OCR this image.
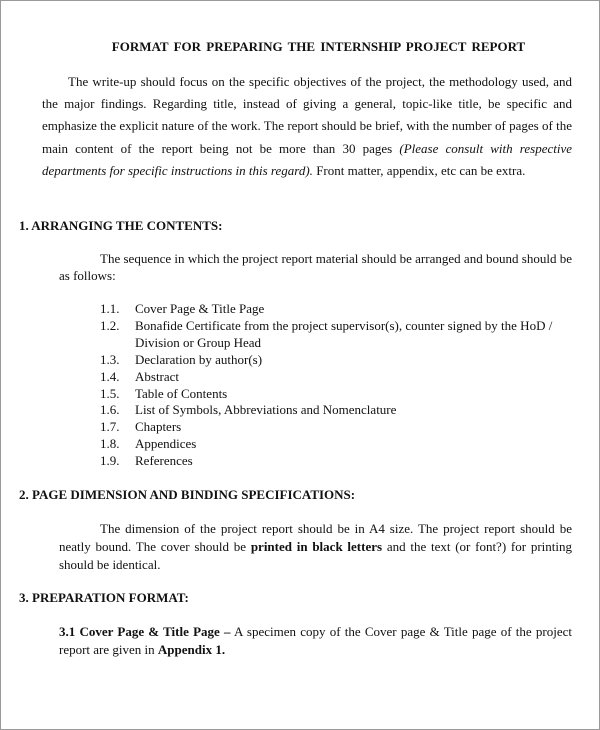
FORMAT FOR PREPARING THE INTERNSHIP PROJECT REPORT
The write-up should focus on the specific objectives of the project, the methodology used, and the major findings. Regarding title, instead of giving a general, topic-like title, be specific and emphasize the explicit nature of the work. The report should be brief, with the number of pages of the main content of the report being not be more than 30 pages (Please consult with respective departments for specific instructions in this regard). Front matter, appendix, etc can be extra.
1. ARRANGING THE CONTENTS:
The sequence in which the project report material should be arranged and bound should be as follows:
1.1.	Cover Page & Title Page
1.2.	Bonafide Certificate from the project supervisor(s), counter signed by the HoD / Division or Group Head
1.3.	Declaration by author(s)
1.4.	Abstract
1.5.	Table of Contents
1.6.	List of Symbols, Abbreviations and Nomenclature
1.7.	Chapters
1.8.	Appendices
1.9.	References
2. PAGE DIMENSION AND BINDING SPECIFICATIONS:
The dimension of the project report should be in A4 size. The project report should be neatly bound. The cover should be printed in black letters and the text (or font?) for printing should be identical.
3. PREPARATION FORMAT:
3.1 Cover Page & Title Page – A specimen copy of the Cover page & Title page of the project report are given in Appendix 1.
